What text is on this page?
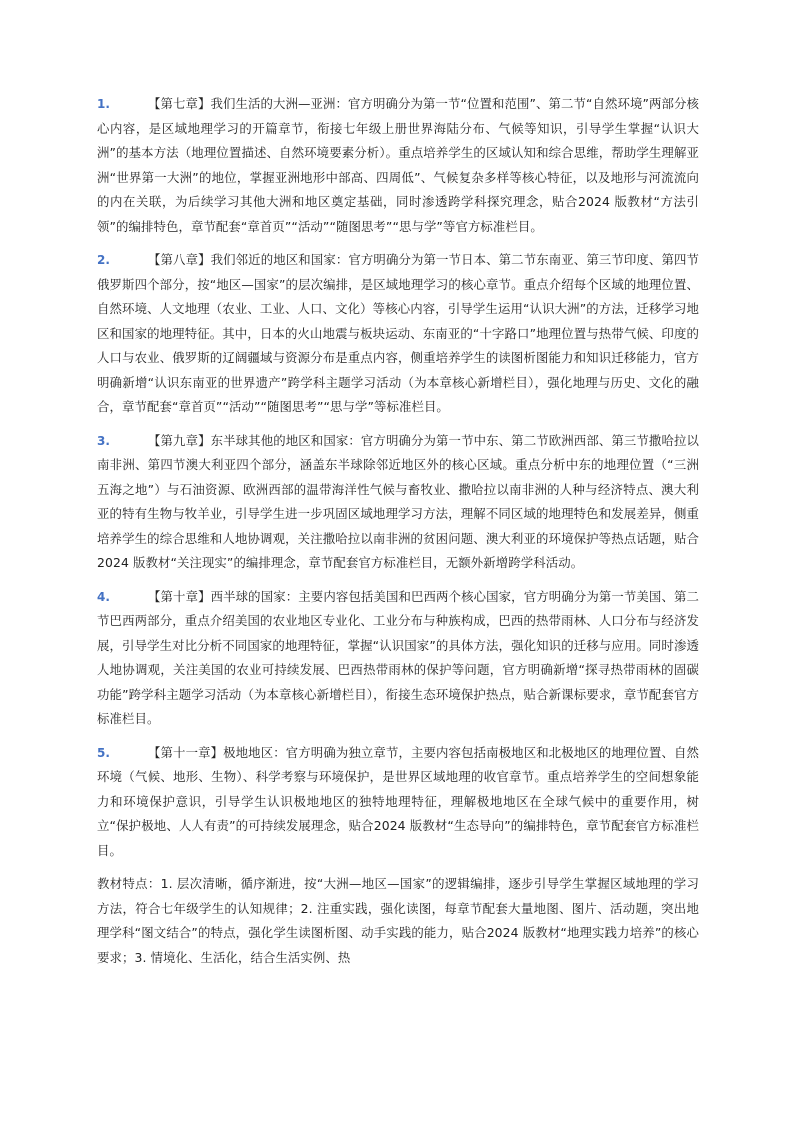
1.	【第七章】我们生活的大洲—亚洲：官方明确分为第一节“位置和范围”、第二节“自然环境”两部分核心内容，是区域地理学习的开篇章节，衔接七年级上册世界海陆分布、气候等知识，引导学生掌握“认识大洲”的基本方法（地理位置描述、自然环境要素分析）。重点培养学生的区域认知和综合思维，帮助学生理解亚洲“世界第一大洲”的地位，掌握亚洲地形中部高、四周低”、气候复杂多样等核心特征，以及地形与河流流向的内在关联，为后续学习其他大洲和地区奠定基础，同时渗透跨学科探究理念，贴合2024 版教材“方法引领”的编排特色，章节配套“章首页”“活动”“随图思考”“思与学”等官方标准栏目。

2.	【第八章】我们邻近的地区和国家：官方明确分为第一节日本、第二节东南亚、第三节印度、第四节俄罗斯四个部分，按“地区—国家”的层次编排，是区域地理学习的核心章节。重点介绍每个区域的地理位置、自然环境、人文地理（农业、工业、人口、文化）等核心内容，引导学生运用“认识大洲”的方法，迁移学习地区和国家的地理特征。其中，日本的火山地震与板块运动、东南亚的“十字路口”地理位置与热带气候、印度的人口与农业、俄罗斯的辽阔疆域与资源分布是重点内容，侧重培养学生的读图析图能力和知识迁移能力，官方明确新增“认识东南亚的世界遗产”跨学科主题学习活动（为本章核心新增栏目），强化地理与历史、文化的融合，章节配套“章首页”“活动”“随图思考”“思与学”等标准栏目。

3.	【第九章】东半球其他的地区和国家：官方明确分为第一节中东、第二节欧洲西部、第三节撒哈拉以南非洲、第四节澳大利亚四个部分，涵盖东半球除邻近地区外的核心区域。重点分析中东的地理位置（“三洲五海之地”）与石油资源、欧洲西部的温带海洋性气候与畜牧业、撒哈拉以南非洲的人种与经济特点、澳大利亚的特有生物与牧羊业，引导学生进一步巩固区域地理学习方法，理解不同区域的地理特色和发展差异，侧重培养学生的综合思维和人地协调观，关注撒哈拉以南非洲的贫困问题、澳大利亚的环境保护等热点话题，贴合2024 版教材“关注现实”的编排理念，章节配套官方标准栏目，无额外新增跨学科活动。

4.	【第十章】西半球的国家：主要内容包括美国和巴西两个核心国家，官方明确分为第一节美国、第二节巴西两部分，重点介绍美国的农业地区专业化、工业分布与种族构成，巴西的热带雨林、人口分布与经济发展，引导学生对比分析不同国家的地理特征，掌握“认识国家”的具体方法，强化知识的迁移与应用。同时渗透人地协调观，关注美国的农业可持续发展、巴西热带雨林的保护等问题，官方明确新增“探寻热带雨林的固碳功能”跨学科主题学习活动（为本章核心新增栏目），衔接生态环境保护热点，贴合新课标要求，章节配套官方标准栏目。

5.	【第十一章】极地地区：官方明确为独立章节，主要内容包括南极地区和北极地区的地理位置、自然环境（气候、地形、生物）、科学考察与环境保护，是世界区域地理的收官章节。重点培养学生的空间想象能力和环境保护意识，引导学生认识极地地区的独特地理特征，理解极地地区在全球气候中的重要作用，树立“保护极地、人人有责”的可持续发展理念，贴合2024 版教材“生态导向”的编排特色，章节配套官方标准栏目。

教材特点：1. 层次清晰，循序渐进，按“大洲—地区—国家”的逻辑编排，逐步引导学生掌握区域地理的学习方法，符合七年级学生的认知规律；2. 注重实践，强化读图，每章节配套大量地图、图片、活动题，突出地理学科“图文结合”的特点，强化学生读图析图、动手实践的能力，贴合2024 版教材“地理实践力培养”的核心要求；3. 情境化、生活化，结合生活实例、热
